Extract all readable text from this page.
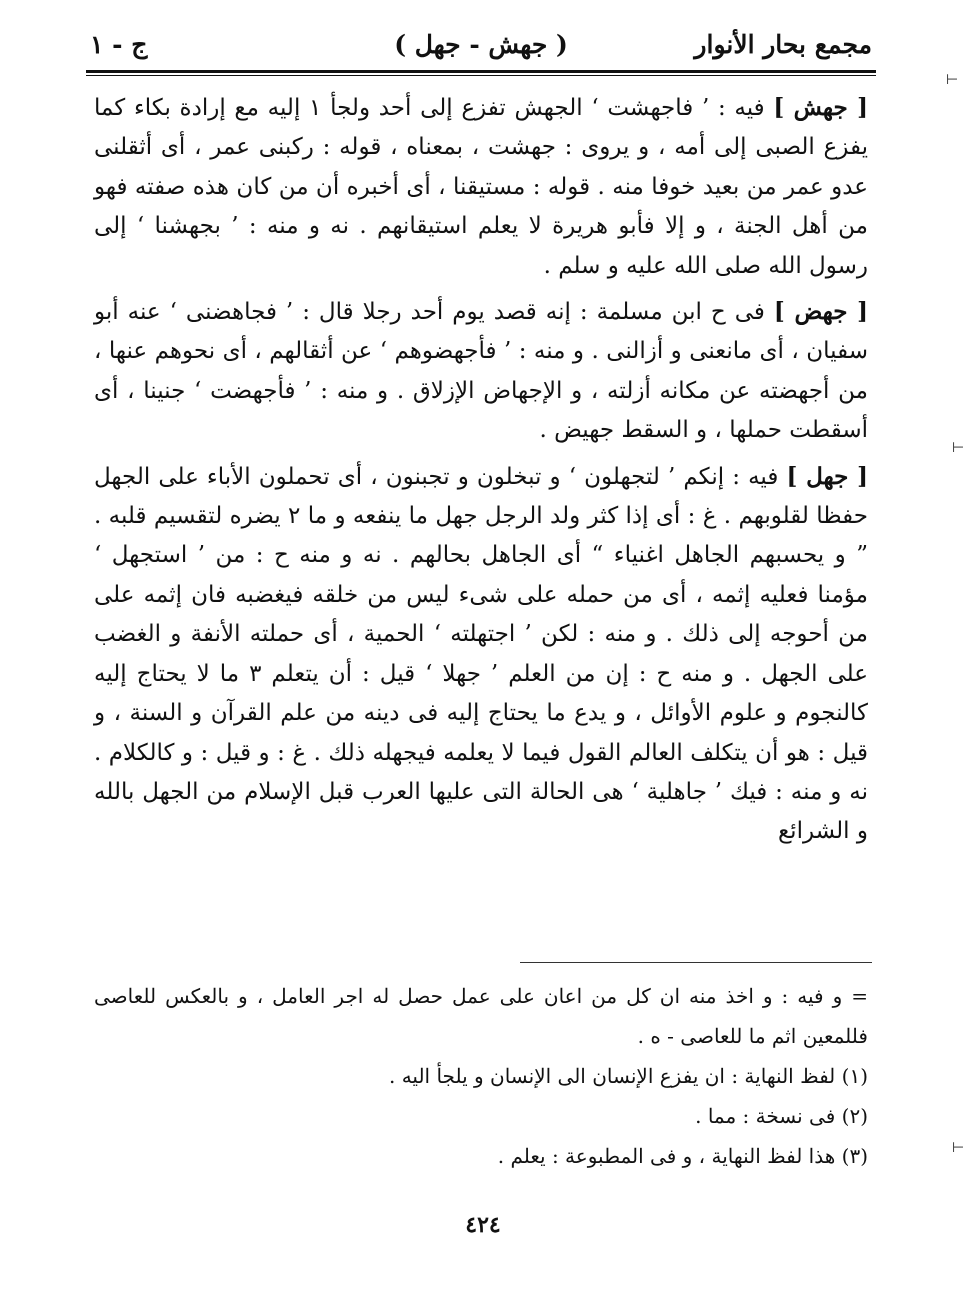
مجمع بحار الأنوار
( جهش - جهل )
ج - ١

[ جهش ] فيه : ’ فاجهشت ‘ الجهش تفزع إلى أحد ولجأ ١ إليه مع إرادة بكاء كما يفزع الصبى إلى أمه ، و يروى : جهشت ، بمعناه ، قوله : ركبنى عمر ، أى أثقلنى عدو عمر من بعيد خوفا منه . قوله : مستيقنا ، أى أخبره أن من كان هذه صفته فهو من أهل الجنة ، و إلا فأبو هريرة لا يعلم استيقانهم . نه و منه : ’ بجهشنا ‘ إلى رسول الله صلى الله عليه و سلم .

[ جهض ] فى ح ابن مسلمة : إنه قصد يوم أحد رجلا قال : ’ فجاهضنى ‘ عنه أبو سفيان ، أى مانعنى و أزالنى . و منه : ’ فأجهضوهم ‘ عن أثقالهم ، أى نحوهم عنها ، من أجهضته عن مكانه أزلته ، و الإجهاض الإزلاق . و منه : ’ فأجهضت ‘ جنينا ، أى أسقطت حملها ، و السقط جهيض .

[ جهل ] فيه : إنكم ’ لتجهلون ‘ و تبخلون و تجبنون ، أى تحملون الأباء على الجهل حفظا لقلوبهم . غ : أى إذا كثر ولد الرجل جهل ما ينفعه و ما ٢ يضره لتقسيم قلبه . ” و يحسبهم الجاهل اغنياء “ أى الجاهل بحالهم . نه و منه ح : من ’ استجهل ‘ مؤمنا فعليه إثمه ، أى من حمله على شىء ليس من خلقه فيغضبه فان إثمه على من أحوجه إلى ذلك . و منه : لكن ’ اجتهلته ‘ الحمية ، أى حملته الأنفة و الغضب على الجهل . و منه ح : إن من العلم ’ جهلا ‘ قيل : أن يتعلم ٣ ما لا يحتاج إليه كالنجوم و علوم الأوائل ، و يدع ما يحتاج إليه فى دينه من علم القرآن و السنة ، و قيل : هو أن يتكلف العالم القول فيما لا يعلمه فيجهله ذلك . غ : و قيل : و كالكلام . نه و منه : فيك ’ جاهلية ‘ هى الحالة التى عليها العرب قبل الإسلام من الجهل بالله و الشرائع

= و فيه : و اخذ منه ان كل من اعان على عمل حصل له اجر العامل ، و بالعكس للعاصى فللمعين اثم ما للعاصى - ه .

(١) لفظ النهاية : ان يفزع الإنسان الى الإنسان و يلجأ اليه .

(٢) فى نسخة : مما .

(٣) هذا لفظ النهاية ، و فى المطبوعة : يعلم .

٤٢٤
⊣
⊣
⊣
